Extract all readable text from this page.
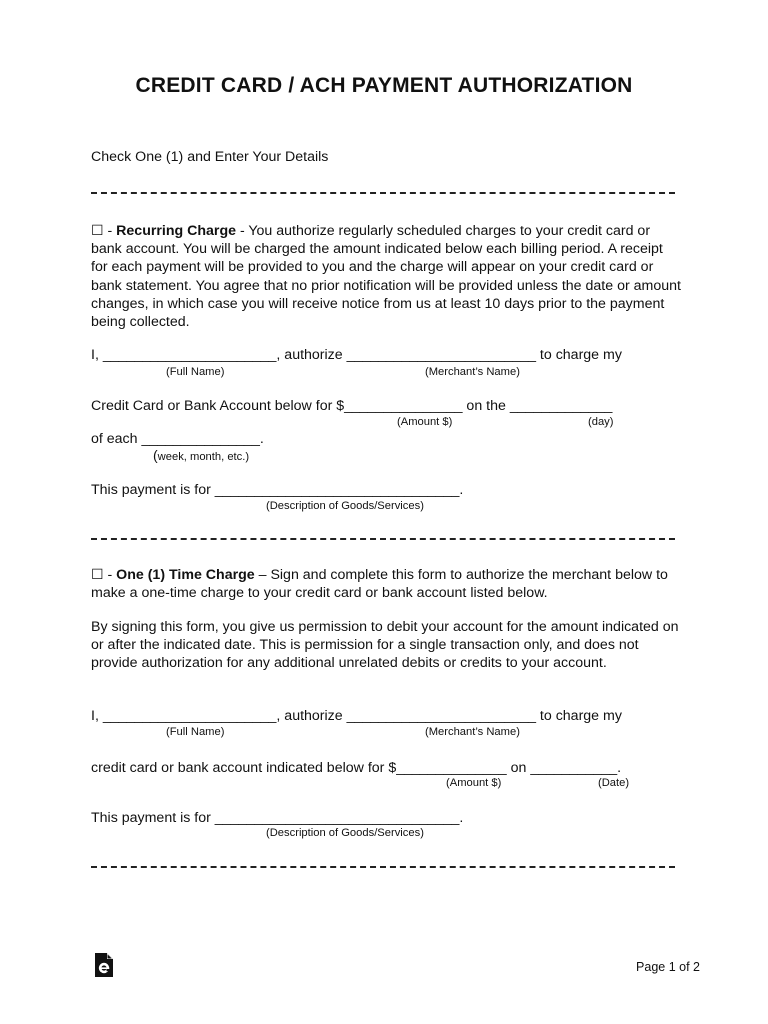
CREDIT CARD / ACH PAYMENT AUTHORIZATION
Check One (1) and Enter Your Details
☐ - Recurring Charge - You authorize regularly scheduled charges to your credit card or bank account. You will be charged the amount indicated below each billing period. A receipt for each payment will be provided to you and the charge will appear on your credit card or bank statement. You agree that no prior notification will be provided unless the date or amount changes, in which case you will receive notice from us at least 10 days prior to the payment being collected.
I, ______________________, authorize ________________________ to charge my
(Full Name)	(Merchant’s Name)
Credit Card or Bank Account below for $_______________ on the _____________
(Amount $)	(day)
of each _______________.
(week, month, etc.)
This payment is for _______________________________.
(Description of Goods/Services)
☐ - One (1) Time Charge – Sign and complete this form to authorize the merchant below to make a one-time charge to your credit card or bank account listed below.
By signing this form, you give us permission to debit your account for the amount indicated on or after the indicated date. This is permission for a single transaction only, and does not provide authorization for any additional unrelated debits or credits to your account.
I, ______________________, authorize ________________________ to charge my
(Full Name)	(Merchant’s Name)
credit card or bank account indicated below for $______________ on ___________.
(Amount $)	(Date)
This payment is for _______________________________.
(Description of Goods/Services)
Page 1 of 2
